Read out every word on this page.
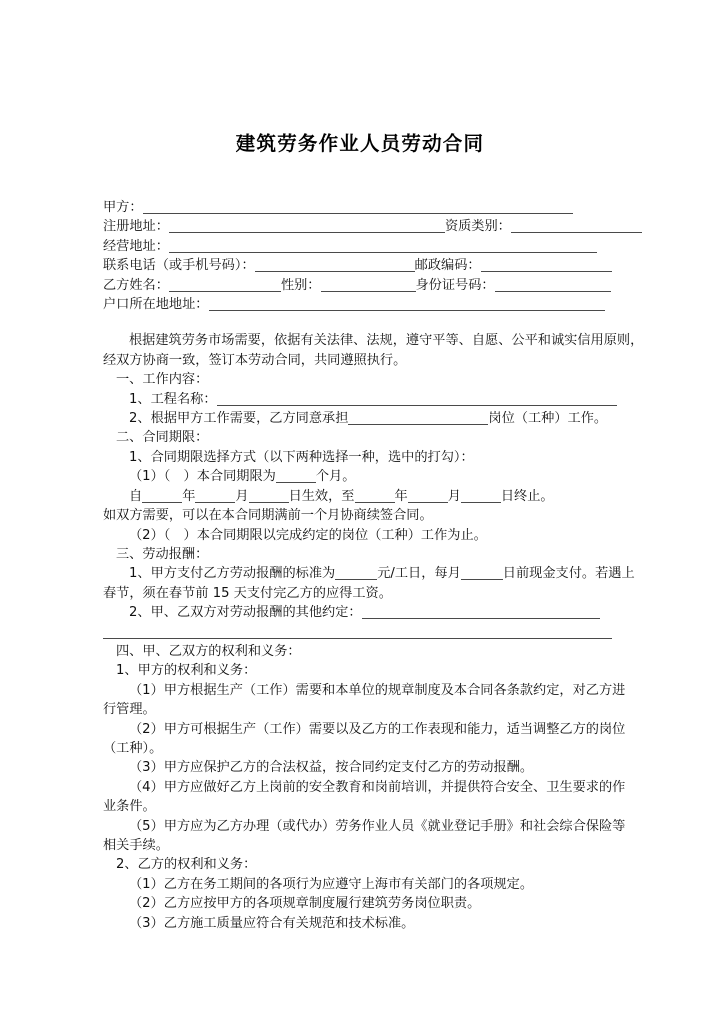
建筑劳务作业人员劳动合同
甲方：
注册地址：	资质类别：
经营地址：
联系电话（或手机号码）：	邮政编码：
乙方姓名：	性别：	身份证号码：
户口所在地地址：
根据建筑劳务市场需要，依据有关法律、法规，遵守平等、自愿、公平和诚实信用原则，
经双方协商一致，签订本劳动合同，共同遵照执行。
一、工作内容：
1、工程名称：
2、根据甲方工作需要，乙方同意承担	岗位（工种）工作。
二、合同期限：
1、合同期限选择方式（以下两种选择一种，选中的打勾）：
（1）（　）本合同期限为	个月。
自	年	月	日生效，至	年	月	日终止。
如双方需要，可以在本合同期满前一个月协商续签合同。
（2）（　）本合同期限以完成约定的岗位（工种）工作为止。
三、劳动报酬：
1、甲方支付乙方劳动报酬的标准为	元/工日，每月	日前现金支付。若遇上
春节，须在春节前 15 天支付完乙方的应得工资。
2、甲、乙双方对劳动报酬的其他约定：
四、甲、乙双方的权利和义务：
1、甲方的权利和义务：
（1）甲方根据生产（工作）需要和本单位的规章制度及本合同各条款约定，对乙方进
行管理。
（2）甲方可根据生产（工作）需要以及乙方的工作表现和能力，适当调整乙方的岗位
（工种）。
（3）甲方应保护乙方的合法权益，按合同约定支付乙方的劳动报酬。
（4）甲方应做好乙方上岗前的安全教育和岗前培训，并提供符合安全、卫生要求的作
业条件。
（5）甲方应为乙方办理（或代办）劳务作业人员《就业登记手册》和社会综合保险等
相关手续。
2、乙方的权利和义务：
（1）乙方在务工期间的各项行为应遵守上海市有关部门的各项规定。
（2）乙方应按甲方的各项规章制度履行建筑劳务岗位职责。
（3）乙方施工质量应符合有关规范和技术标准。
